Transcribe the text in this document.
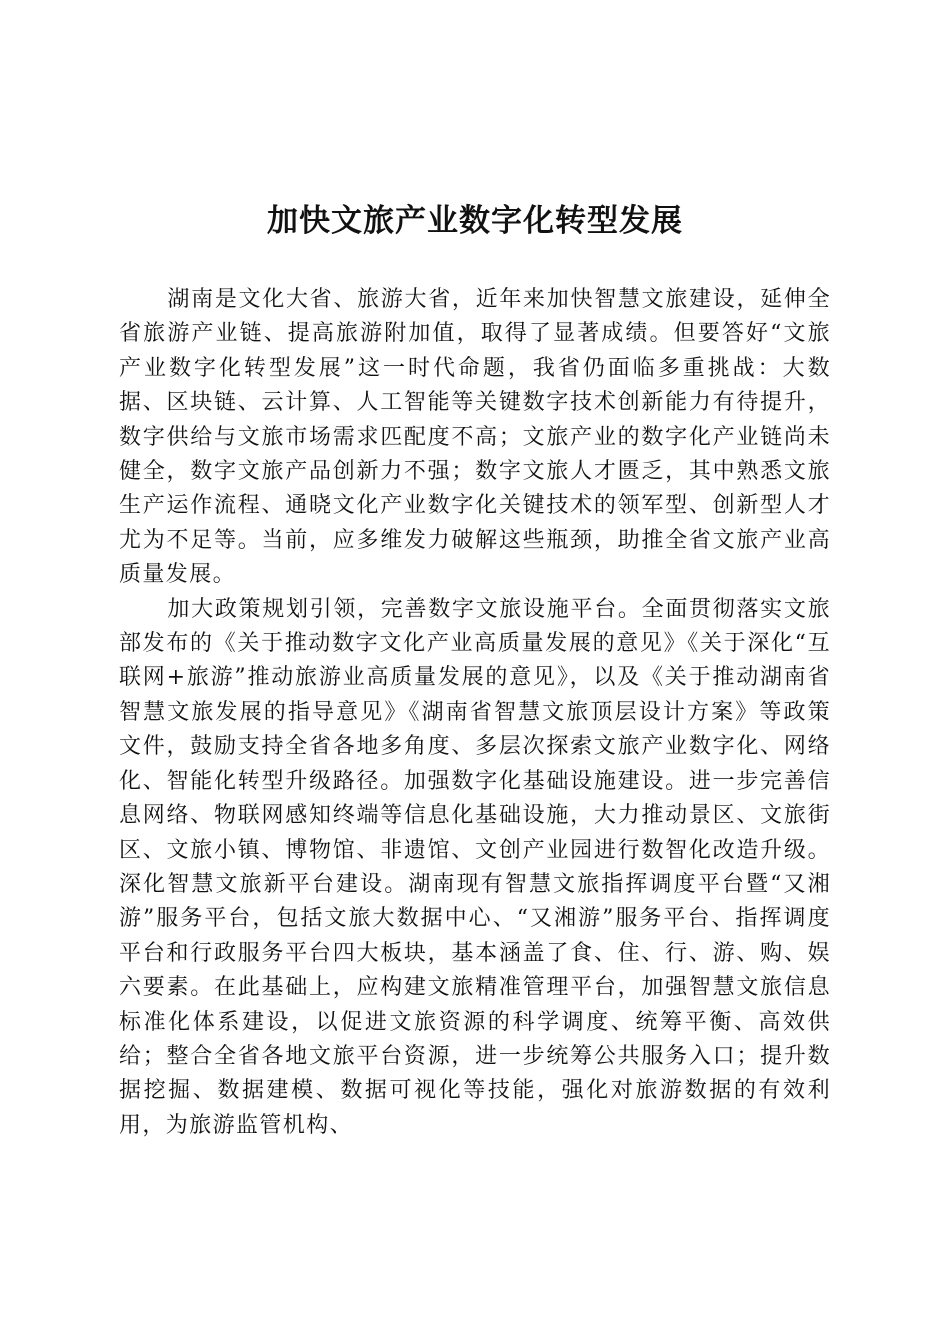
加快文旅产业数字化转型发展

湖南是文化大省、旅游大省，近年来加快智慧文旅建设，延伸全省旅游产业链、提高旅游附加值，取得了显著成绩。但要答好“文旅产业数字化转型发展”这一时代命题，我省仍面临多重挑战：大数据、区块链、云计算、人工智能等关键数字技术创新能力有待提升，数字供给与文旅市场需求匹配度不高；文旅产业的数字化产业链尚未健全，数字文旅产品创新力不强；数字文旅人才匮乏，其中熟悉文旅生产运作流程、通晓文化产业数字化关键技术的领军型、创新型人才尤为不足等。当前，应多维发力破解这些瓶颈，助推全省文旅产业高质量发展。

加大政策规划引领，完善数字文旅设施平台。全面贯彻落实文旅部发布的《关于推动数字文化产业高质量发展的意见》《关于深化“互联网+旅游”推动旅游业高质量发展的意见》，以及《关于推动湖南省智慧文旅发展的指导意见》《湖南省智慧文旅顶层设计方案》等政策文件，鼓励支持全省各地多角度、多层次探索文旅产业数字化、网络化、智能化转型升级路径。加强数字化基础设施建设。进一步完善信息网络、物联网感知终端等信息化基础设施，大力推动景区、文旅街区、文旅小镇、博物馆、非遗馆、文创产业园进行数智化改造升级。深化智慧文旅新平台建设。湖南现有智慧文旅指挥调度平台暨“又湘游”服务平台，包括文旅大数据中心、“又湘游”服务平台、指挥调度平台和行政服务平台四大板块，基本涵盖了食、住、行、游、购、娱六要素。在此基础上，应构建文旅精准管理平台，加强智慧文旅信息标准化体系建设，以促进文旅资源的科学调度、统筹平衡、高效供给；整合全省各地文旅平台资源，进一步统筹公共服务入口；提升数据挖掘、数据建模、数据可视化等技能，强化对旅游数据的有效利用，为旅游监管机构、
